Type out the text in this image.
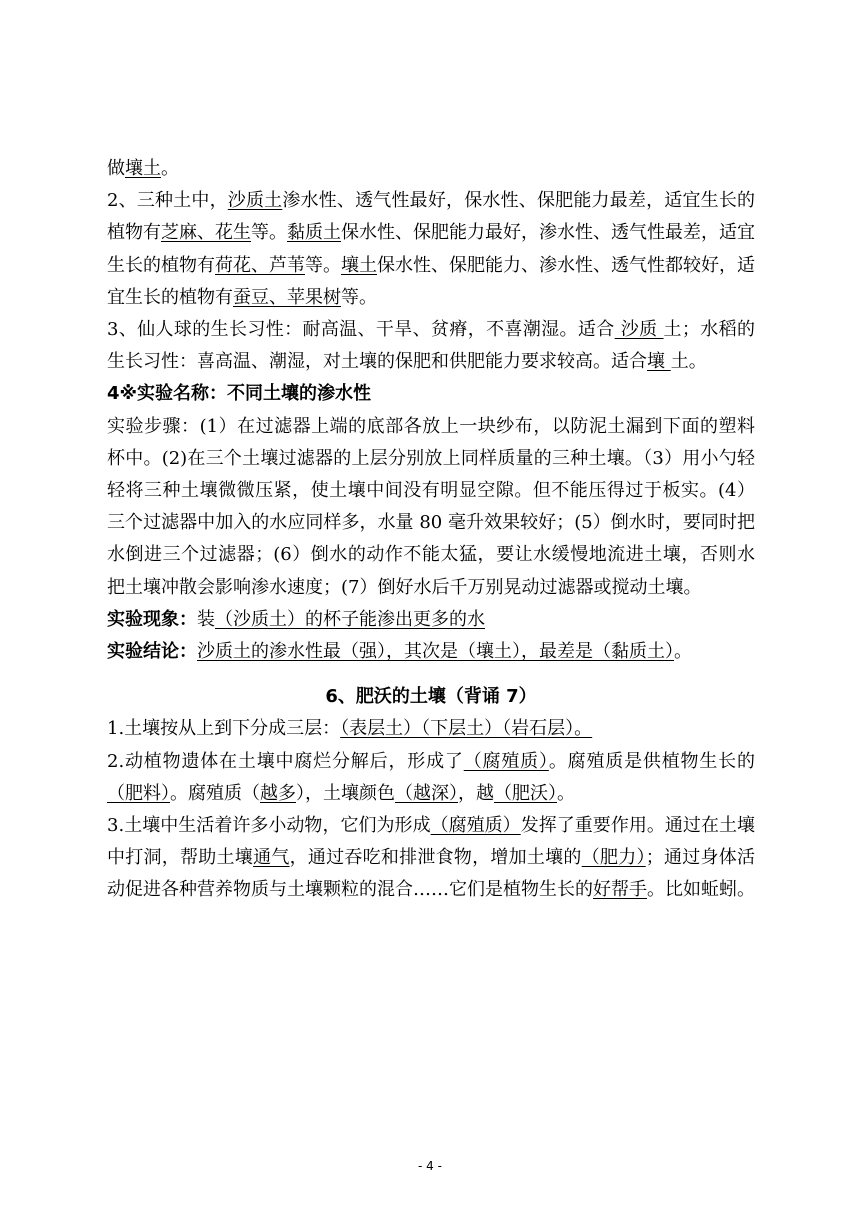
做壤土。

2、三种土中，沙质土渗水性、透气性最好，保水性、保肥能力最差，适宜生长的植物有芝麻、花生等。黏质土保水性、保肥能力最好，渗水性、透气性最差，适宜生长的植物有荷花、芦苇等。壤土保水性、保肥能力、渗水性、透气性都较好，适宜生长的植物有蚕豆、苹果树等。

3、仙人球的生长习性：耐高温、干旱、贫瘠，不喜潮湿。适合 沙质 土；水稻的生长习性：喜高温、潮湿，对土壤的保肥和供肥能力要求较高。适合壤 土。

4※实验名称：不同土壤的渗水性

实验步骤：(1）在过滤器上端的底部各放上一块纱布，以防泥土漏到下面的塑料杯中。(2)在三个土壤过滤器的上层分别放上同样质量的三种土壤。（3）用小勺轻轻将三种土壤微微压紧，使土壤中间没有明显空隙。但不能压得过于板实。(4）三个过滤器中加入的水应同样多，水量 80 毫升效果较好；(5）倒水时，要同时把水倒进三个过滤器；(6）倒水的动作不能太猛，要让水缓慢地流进土壤，否则水把土壤冲散会影响渗水速度；(7）倒好水后千万别晃动过滤器或搅动土壤。

实验现象：装（沙质土）的杯子能渗出更多的水

实验结论：沙质土的渗水性最（强），其次是（壤土），最差是（黏质土）。

6、肥沃的土壤（背诵 7）

1.土壤按从上到下分成三层：（表层土）（下层土）（岩石层）。

2.动植物遗体在土壤中腐烂分解后，形成了（腐殖质）。腐殖质是供植物生长的（肥料）。腐殖质（越多），土壤颜色（越深），越（肥沃）。

3.土壤中生活着许多小动物，它们为形成（腐殖质）发挥了重要作用。通过在土壤中打洞，帮助土壤通气，通过吞吃和排泄食物，增加土壤的（肥力）；通过身体活动促进各种营养物质与土壤颗粒的混合……它们是植物生长的好帮手。比如蚯蚓。

- 4 -
